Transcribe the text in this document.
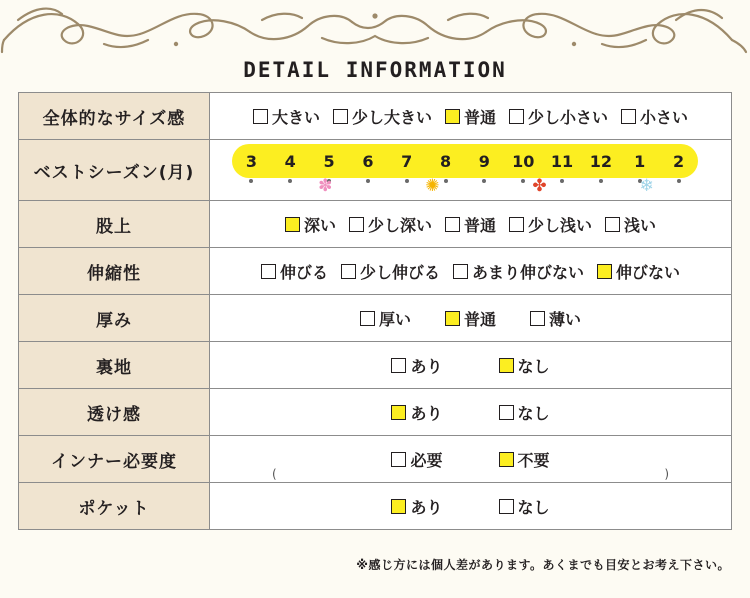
DETAIL INFORMATION
全体的なサイズ感	大きい 少し大きい 普通 少し小さい 小さい

ベストシーズン(月)	
3	4	5	6	7	8	9	10	11	12	1	2
✽	✺	✤	❄

股上	深い 少し深い 普通 少し浅い 浅い

伸縮性	伸びる 少し伸びる あまり伸びない 伸びない

厚み	厚い 普通 薄い

裏地	あり なし

透け感	あり なし

インナー必要度	必要 不要
( )

ポケット	あり なし
※感じ方には個人差があります。あくまでも目安とお考え下さい。
